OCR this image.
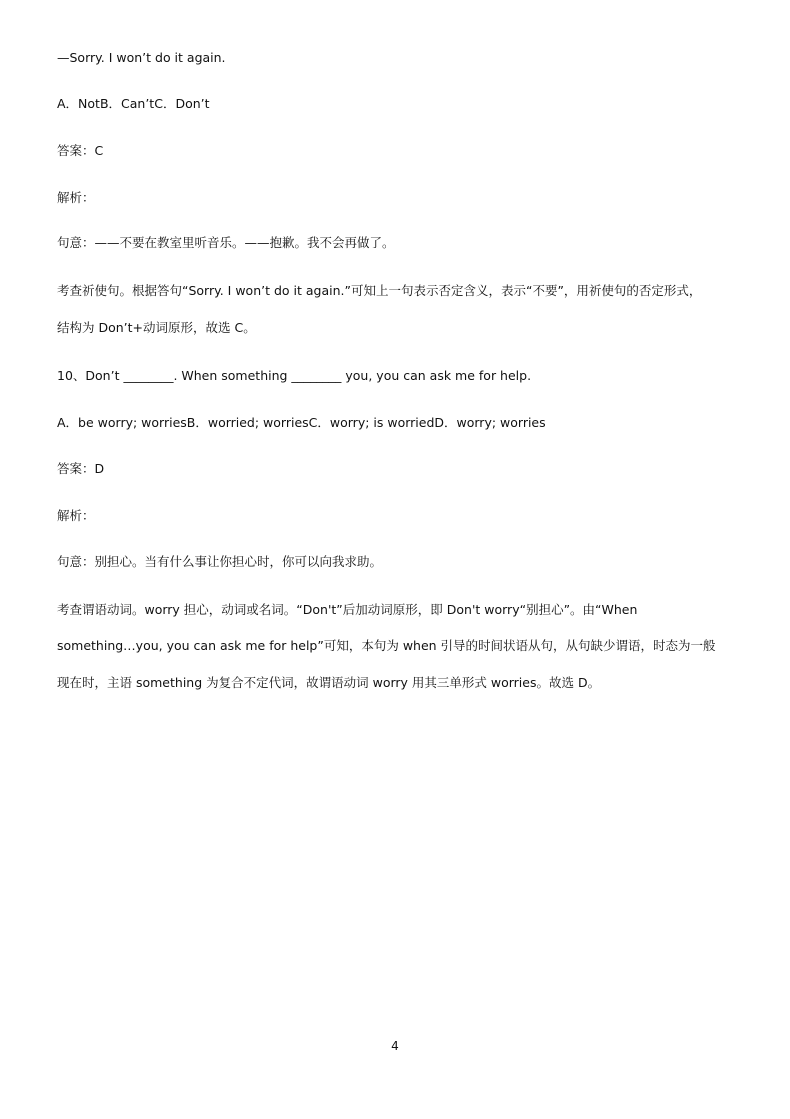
—Sorry. I won’t do it again.
A．NotB．Can’tC．Don’t
答案：C
解析：
句意：——不要在教室里听音乐。——抱歉。我不会再做了。
考查祈使句。根据答句“Sorry. I won’t do it again.”可知上一句表示否定含义，表示“不要”，用祈使句的否定形式，
结构为 Don’t+动词原形，故选 C。
10、Don’t ________. When something ________ you, you can ask me for help.
A．be worry; worriesB．worried; worriesC．worry; is worriedD．worry; worries
答案：D
解析：
句意：别担心。当有什么事让你担心时，你可以向我求助。
考查谓语动词。worry 担心，动词或名词。“Don't”后加动词原形，即 Don't worry“别担心”。由“When
something…you, you can ask me for help”可知，本句为 when 引导的时间状语从句，从句缺少谓语，时态为一般
现在时，主语 something 为复合不定代词，故谓语动词 worry 用其三单形式 worries。故选 D。
4
